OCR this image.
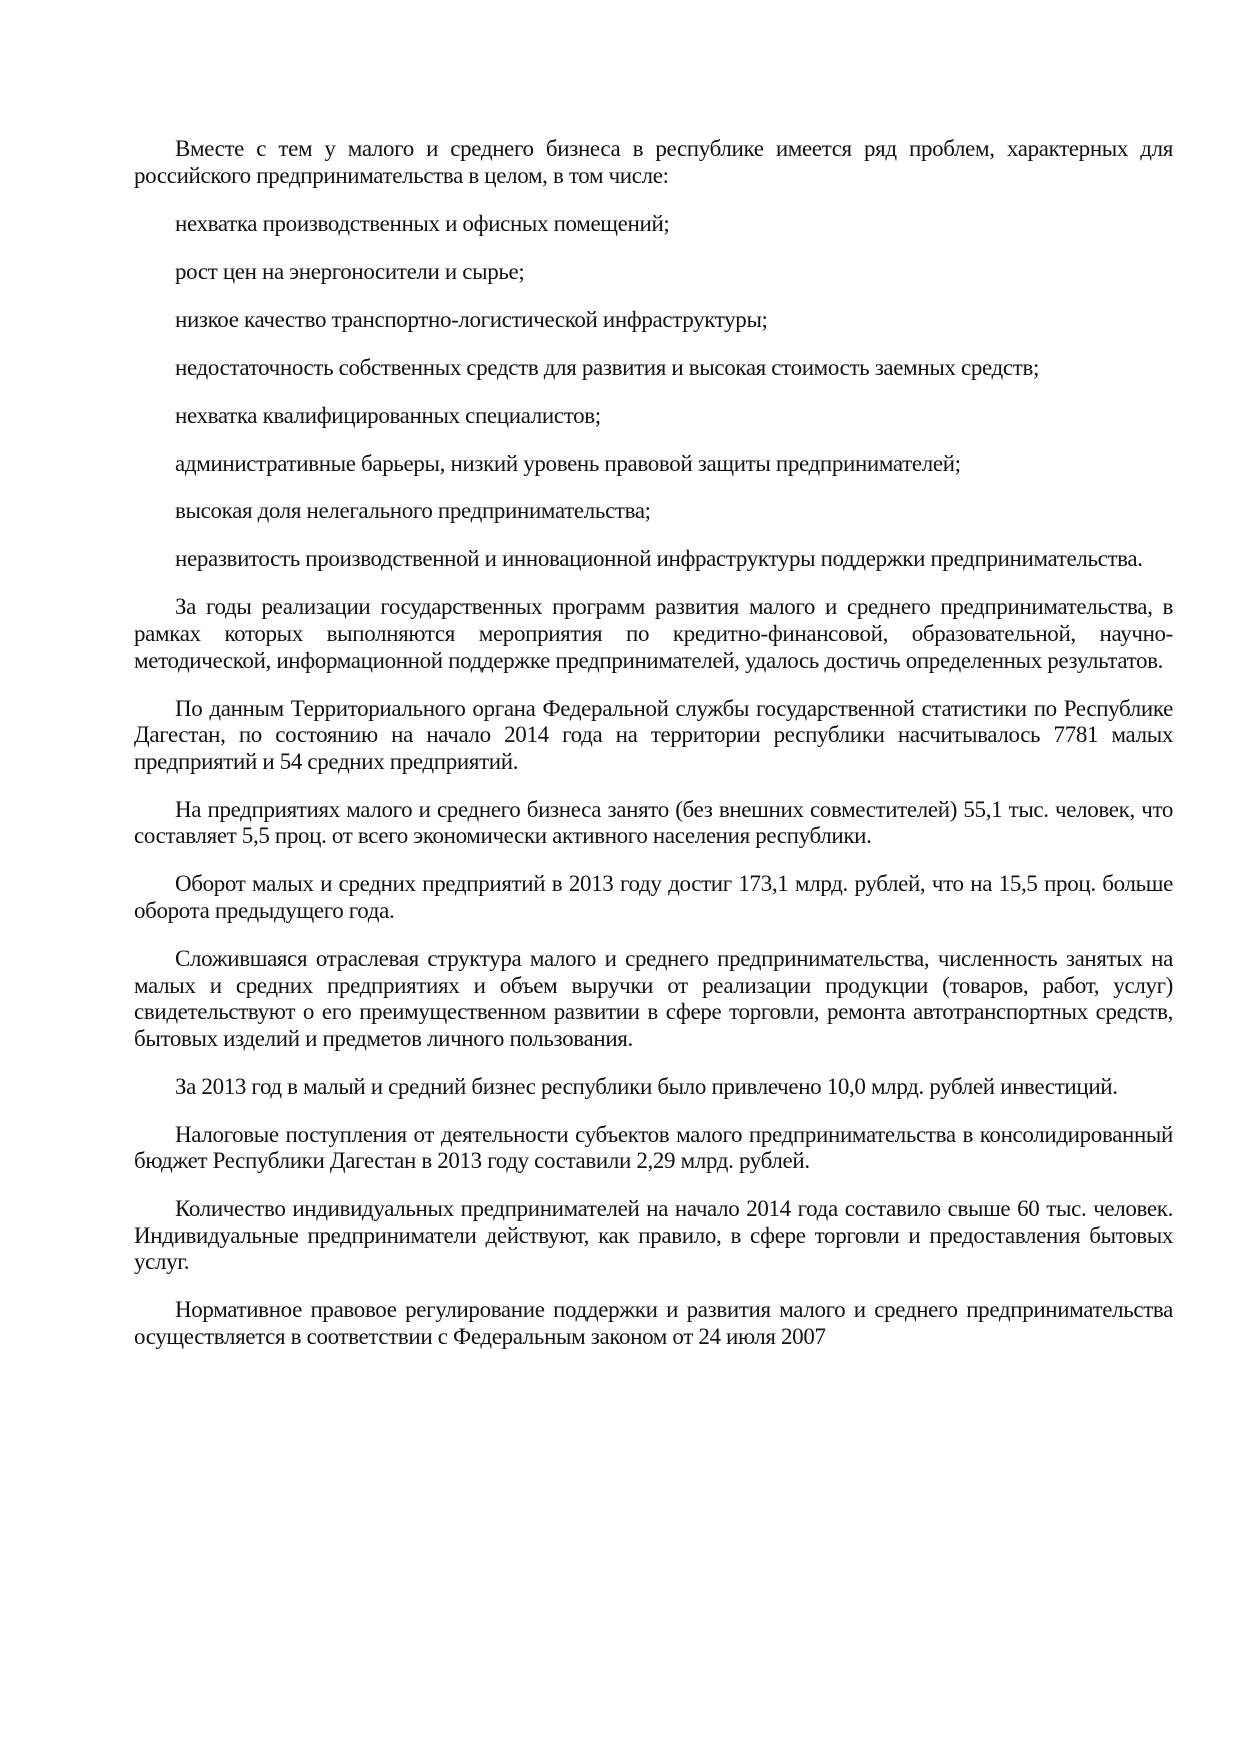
Вместе с тем у малого и среднего бизнеса в республике имеется ряд проблем, характерных для российского предпринимательства в целом, в том числе:

нехватка производственных и офисных помещений;

рост цен на энергоносители и сырье;

низкое качество транспортно-логистической инфраструктуры;

недостаточность собственных средств для развития и высокая стоимость заемных средств;

нехватка квалифицированных специалистов;

административные барьеры, низкий уровень правовой защиты предпринимателей;

высокая доля нелегального предпринимательства;

неразвитость производственной и инновационной инфраструктуры поддержки предпринимательства.

За годы реализации государственных программ развития малого и среднего предпринимательства, в рамках которых выполняются мероприятия по кредитно-финансовой, образовательной, научно-методической, информационной поддержке предпринимателей, удалось достичь определенных результатов.

По данным Территориального органа Федеральной службы государственной статистики по Республике Дагестан, по состоянию на начало 2014 года на территории республики насчитывалось 7781 малых предприятий и 54 средних предприятий.

На предприятиях малого и среднего бизнеса занято (без внешних совместителей) 55,1 тыс. человек, что составляет 5,5 проц. от всего экономически активного населения республики.

Оборот малых и средних предприятий в 2013 году достиг 173,1 млрд. рублей, что на 15,5 проц. больше оборота предыдущего года.

Сложившаяся отраслевая структура малого и среднего предпринимательства, численность занятых на малых и средних предприятиях и объем выручки от реализации продукции (товаров, работ, услуг) свидетельствуют о его преимущественном развитии в сфере торговли, ремонта автотранспортных средств, бытовых изделий и предметов личного пользования.

За 2013 год в малый и средний бизнес республики было привлечено 10,0 млрд. рублей инвестиций.

Налоговые поступления от деятельности субъектов малого предпринимательства в консолидированный бюджет Республики Дагестан в 2013 году составили 2,29 млрд. рублей.

Количество индивидуальных предпринимателей на начало 2014 года составило свыше 60 тыс. человек. Индивидуальные предприниматели действуют, как правило, в сфере торговли и предоставления бытовых услуг.

Нормативное правовое регулирование поддержки и развития малого и среднего предпринимательства осуществляется в соответствии с Федеральным законом от 24 июля 2007
